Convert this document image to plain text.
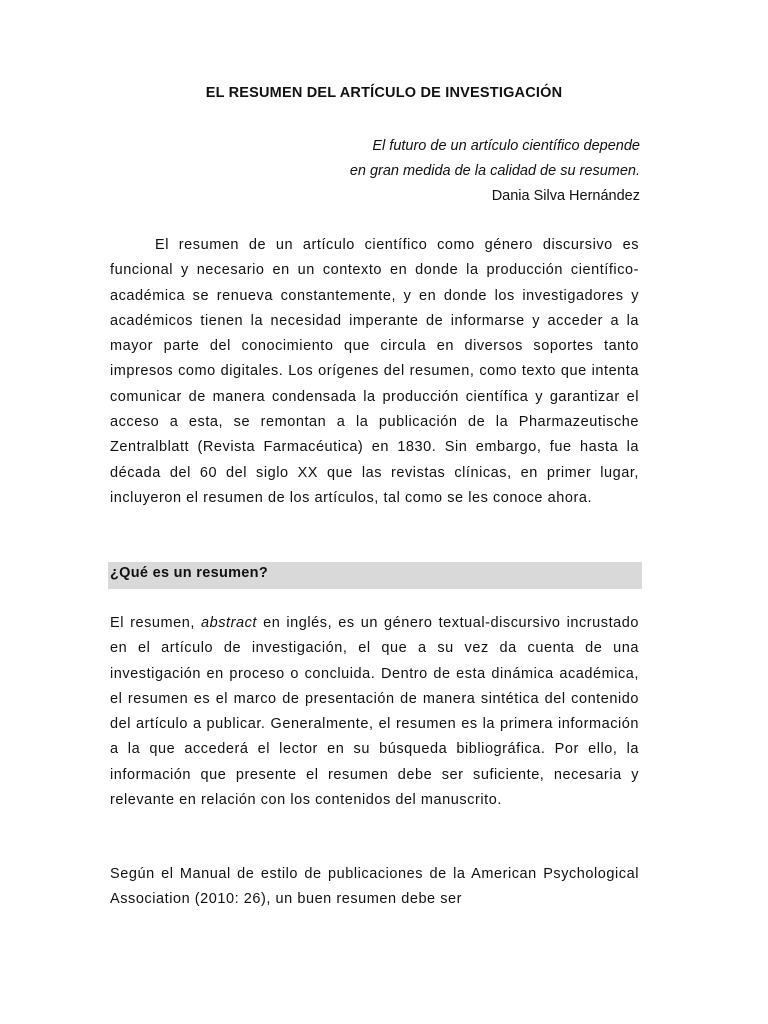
EL RESUMEN DEL ARTÍCULO DE INVESTIGACIÓN
El futuro de un artículo científico depende
en gran medida de la calidad de su resumen.
Dania Silva Hernández

El resumen de un artículo científico como género discursivo es funcional y necesario en un contexto en donde la producción científico-académica se renueva constantemente, y en donde los investigadores y académicos tienen la necesidad imperante de informarse y acceder a la mayor parte del conocimiento que circula en diversos soportes tanto impresos como digitales. Los orígenes del resumen, como texto que intenta comunicar de manera condensada la producción científica y garantizar el acceso a esta, se remontan a la publicación de la Pharmazeutische Zentralblatt (Revista Farmacéutica) en 1830. Sin embargo, fue hasta la década del 60 del siglo XX que las revistas clínicas, en primer lugar, incluyeron el resumen de los artículos, tal como se les conoce ahora.

¿Qué es un resumen?

El resumen, abstract en inglés, es un género textual-discursivo incrustado en el artículo de investigación, el que a su vez da cuenta de una investigación en proceso o concluida. Dentro de esta dinámica académica, el resumen es el marco de presentación de manera sintética del contenido del artículo a publicar. Generalmente, el resumen es la primera información a la que accederá el lector en su búsqueda bibliográfica. Por ello, la información que presente el resumen debe ser suficiente, necesaria y relevante en relación con los contenidos del manuscrito.

Según el Manual de estilo de publicaciones de la American Psychological Association (2010: 26), un buen resumen debe ser
